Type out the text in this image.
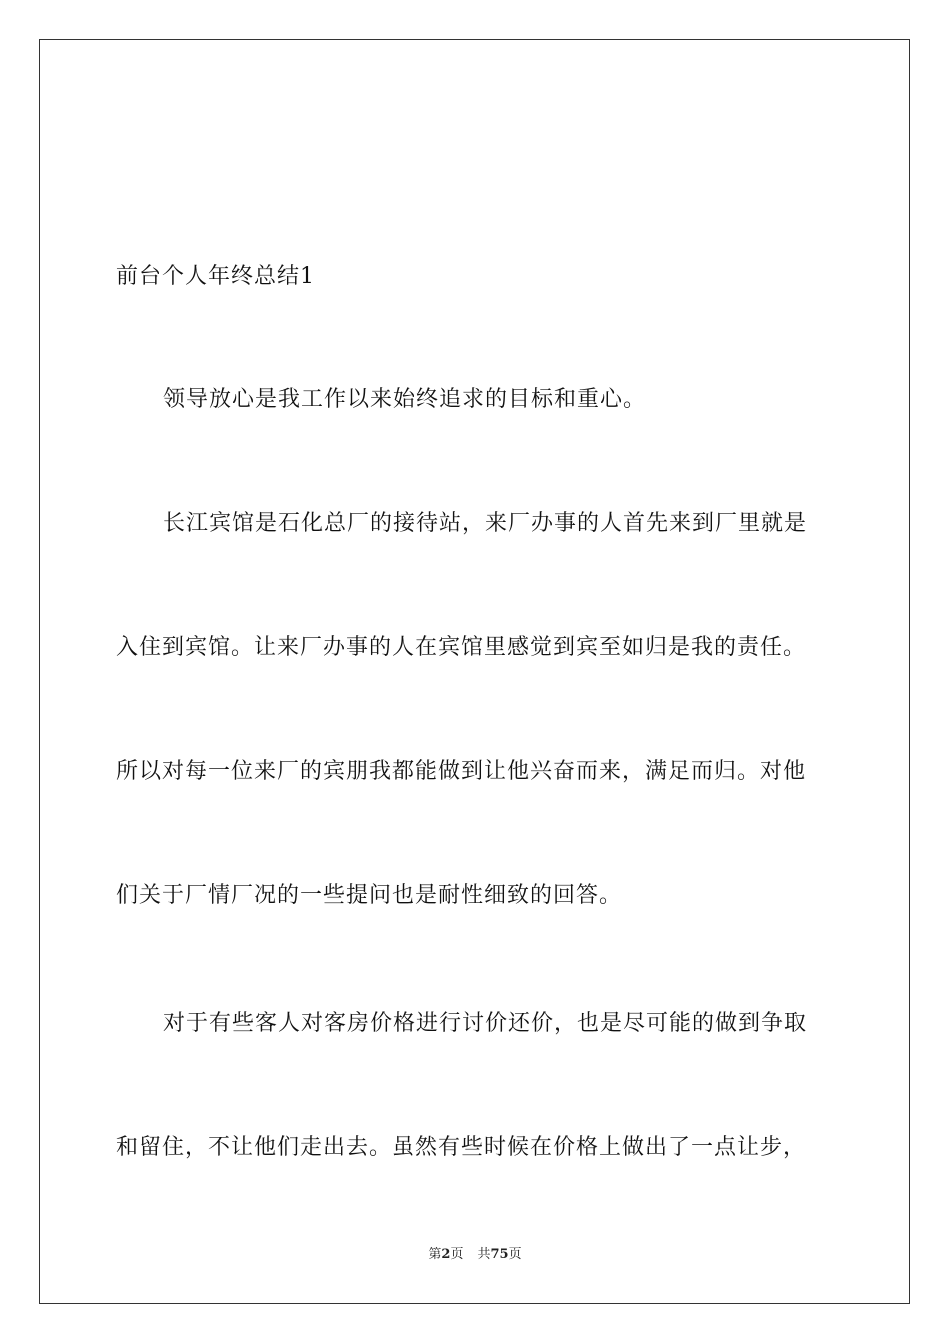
前台个人年终总结1
领导放心是我工作以来始终追求的目标和重心。
长江宾馆是石化总厂的接待站，来厂办事的人首先来到厂里就是
入住到宾馆。让来厂办事的人在宾馆里感觉到宾至如归是我的责任。
所以对每一位来厂的宾朋我都能做到让他兴奋而来，满足而归。对他
们关于厂情厂况的一些提问也是耐性细致的回答。
对于有些客人对客房价格进行讨价还价，也是尽可能的做到争取
和留住，不让他们走出去。虽然有些时候在价格上做出了一点让步，
第2页 共75页
